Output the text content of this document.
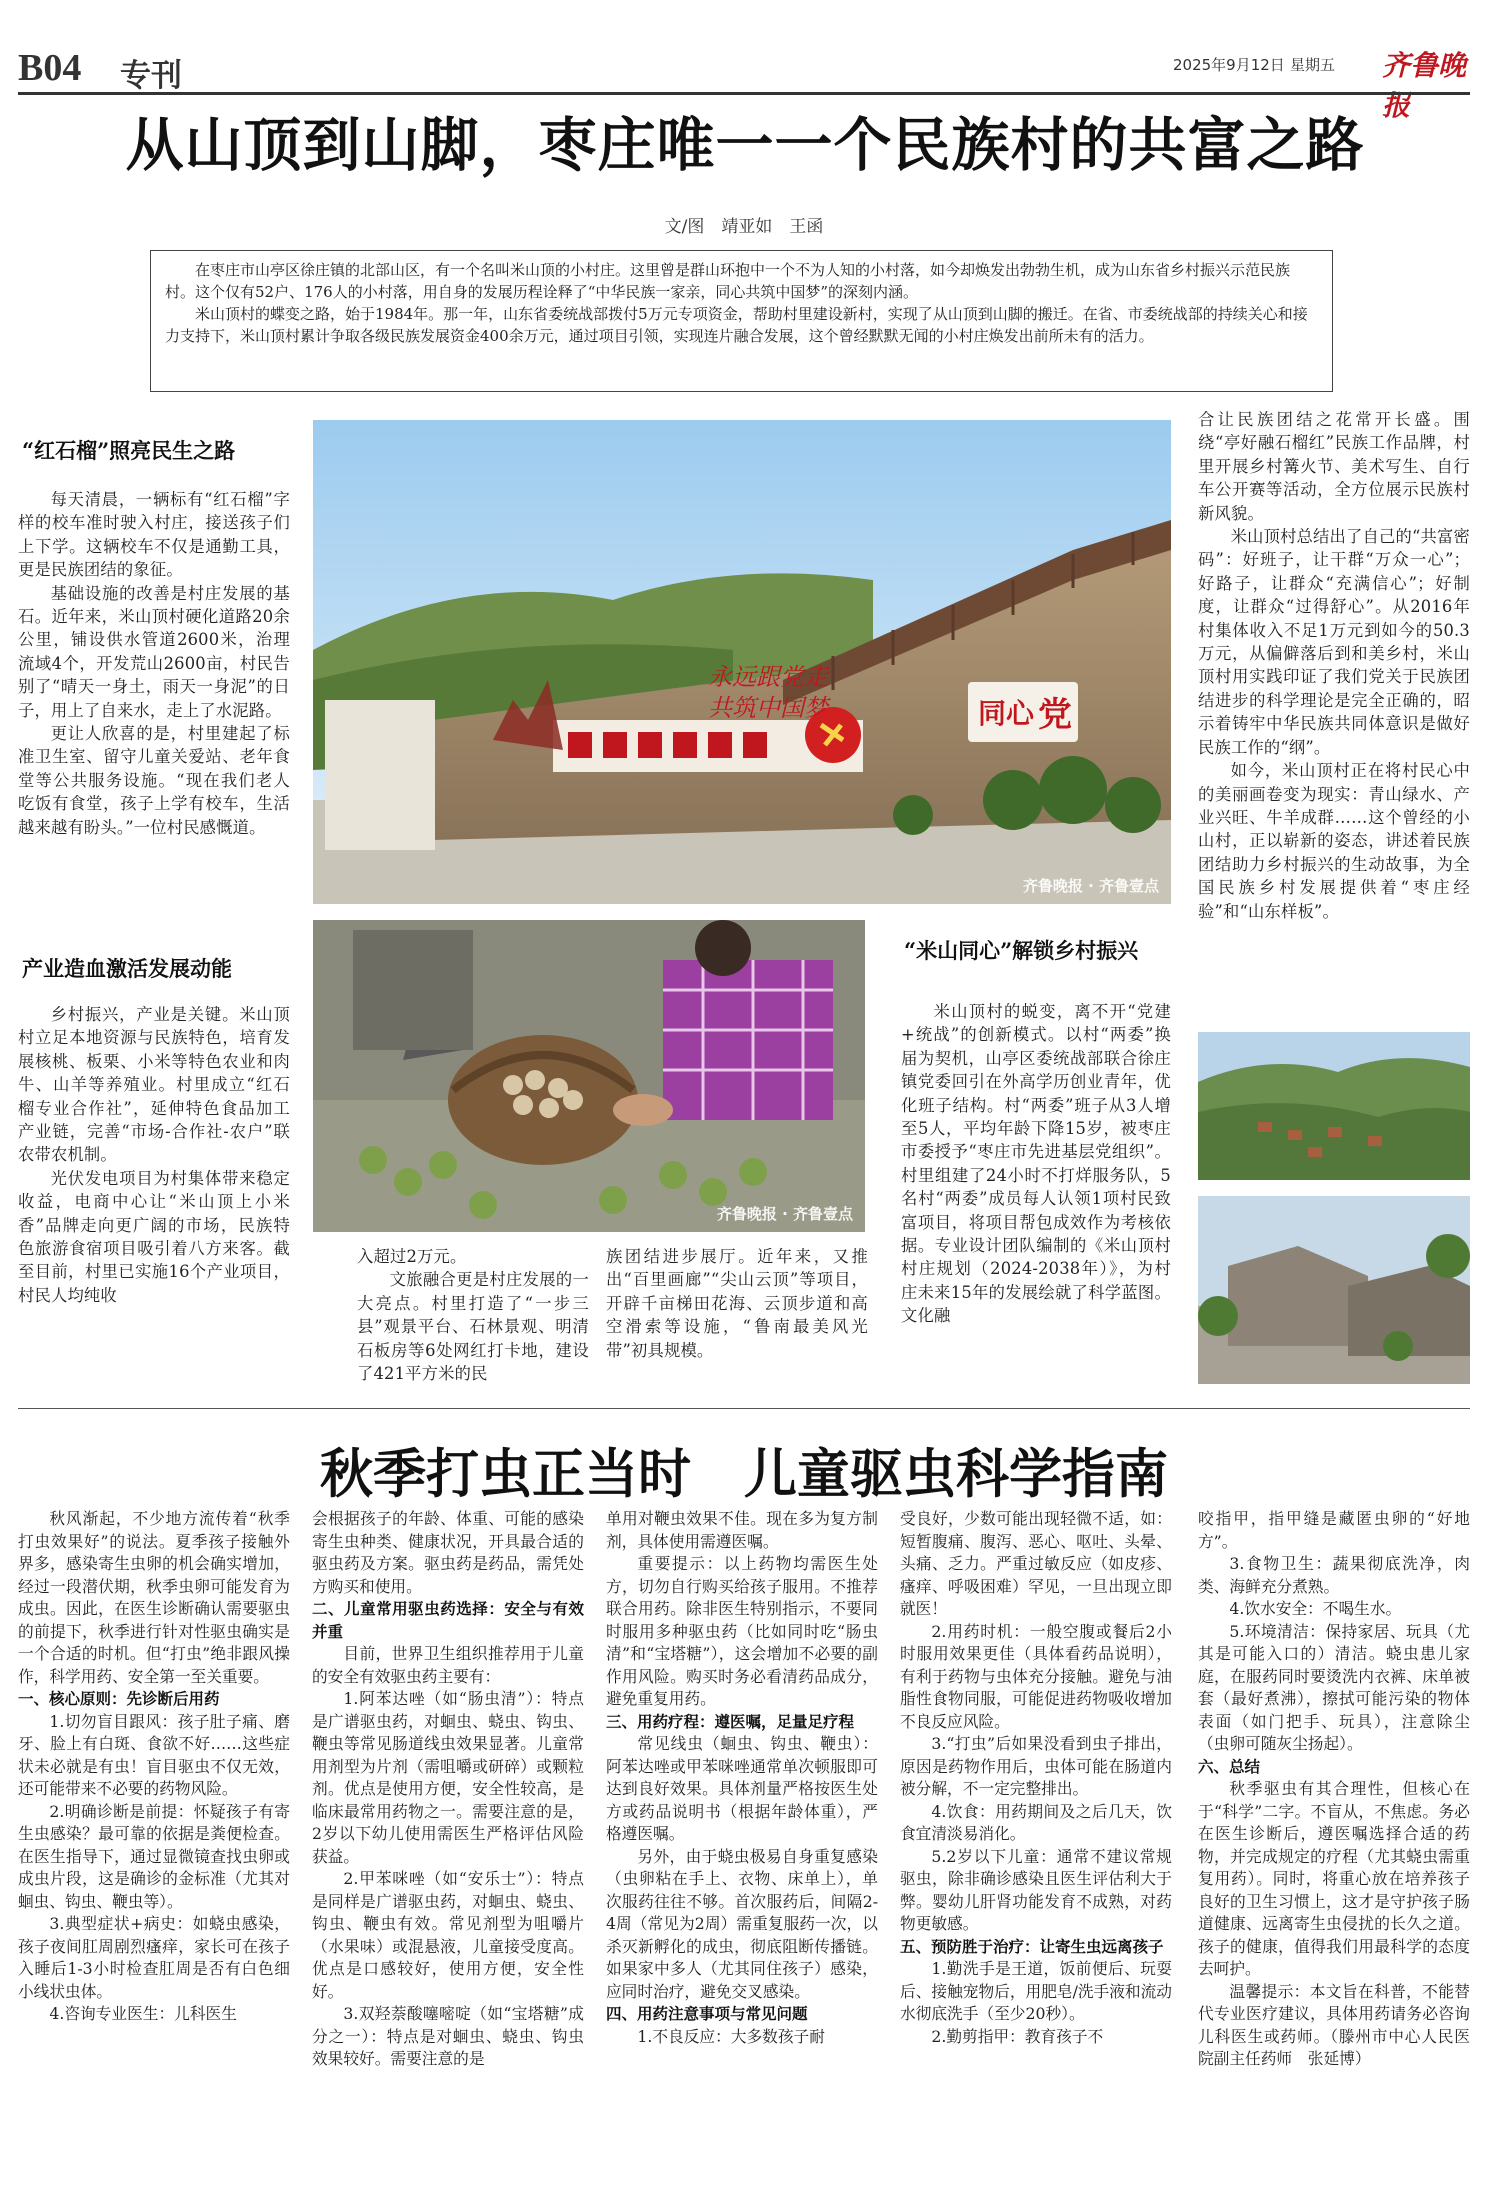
B04 专刊	2025年9月12日 星期五 齐鲁晚报
从山顶到山脚，枣庄唯一一个民族村的共富之路
文/图　靖亚如　王函

在枣庄市山亭区徐庄镇的北部山区，有一个名叫米山顶的小村庄。这里曾是群山环抱中一个不为人知的小村落，如今却焕发出勃勃生机，成为山东省乡村振兴示范民族村。这个仅有52户、176人的小村落，用自身的发展历程诠释了“中华民族一家亲，同心共筑中国梦”的深刻内涵。

米山顶村的蝶变之路，始于1984年。那一年，山东省委统战部拨付5万元专项资金，帮助村里建设新村，实现了从山顶到山脚的搬迁。在省、市委统战部的持续关心和接力支持下，米山顶村累计争取各级民族发展资金400余万元，通过项目引领，实现连片融合发展，这个曾经默默无闻的小村庄焕发出前所未有的活力。

“红石榴”照亮民生之路

每天清晨，一辆标有“红石榴”字样的校车准时驶入村庄，接送孩子们上下学。这辆校车不仅是通勤工具，更是民族团结的象征。

基础设施的改善是村庄发展的基石。近年来，米山顶村硬化道路20余公里，铺设供水管道2600米，治理流域4个，开发荒山2600亩，村民告别了“晴天一身土，雨天一身泥”的日子，用上了自来水，走上了水泥路。

更让人欣喜的是，村里建起了标准卫生室、留守儿童关爱站、老年食堂等公共服务设施。“现在我们老人吃饭有食堂，孩子上学有校车，生活越来越有盼头。”一位村民感慨道。

产业造血激活发展动能

乡村振兴，产业是关键。米山顶村立足本地资源与民族特色，培育发展核桃、板栗、小米等特色农业和肉牛、山羊等养殖业。村里成立“红石榴专业合作社”，延伸特色食品加工产业链，完善“市场-合作社-农户”联农带农机制。

光伏发电项目为村集体带来稳定收益，电商中心让“米山顶上小米香”品牌走向更广阔的市场，民族特色旅游食宿项目吸引着八方来客。截至目前，村里已实施16个产业项目，村民人均纯收

永远跟党走
共筑中国梦	同心 党
齐鲁晚报 · 齐鲁壹点
齐鲁晚报 · 齐鲁壹点

入超过2万元。

文旅融合更是村庄发展的一大亮点。村里打造了“一步三县”观景平台、石林景观、明清石板房等6处网红打卡地，建设了421平方米的民

族团结进步展厅。近年来，又推出“百里画廊”“尖山云顶”等项目，开辟千亩梯田花海、云顶步道和高空滑索等设施，“鲁南最美风光带”初具规模。

“米山同心”解锁乡村振兴

米山顶村的蜕变，离不开“党建+统战”的创新模式。以村“两委”换届为契机，山亭区委统战部联合徐庄镇党委回引在外高学历创业青年，优化班子结构。村“两委”班子从3人增至5人，平均年龄下降15岁，被枣庄市委授予“枣庄市先进基层党组织”。村里组建了24小时不打烊服务队，5名村“两委”成员每人认领1项村民致富项目，将项目帮包成效作为考核依据。专业设计团队编制的《米山顶村村庄规划（2024-2038年）》，为村庄未来15年的发展绘就了科学蓝图。文化融

合让民族团结之花常开长盛。围绕“亭好融石榴红”民族工作品牌，村里开展乡村篝火节、美术写生、自行车公开赛等活动，全方位展示民族村新风貌。

米山顶村总结出了自己的“共富密码”：好班子，让干群“万众一心”；好路子，让群众“充满信心”；好制度，让群众“过得舒心”。从2016年村集体收入不足1万元到如今的50.3万元，从偏僻落后到和美乡村，米山顶村用实践印证了我们党关于民族团结进步的科学理论是完全正确的，昭示着铸牢中华民族共同体意识是做好民族工作的“纲”。

如今，米山顶村正在将村民心中的美丽画卷变为现实：青山绿水、产业兴旺、牛羊成群……这个曾经的小山村，正以崭新的姿态，讲述着民族团结助力乡村振兴的生动故事，为全国民族乡村发展提供着“枣庄经验”和“山东样板”。

秋季打虫正当时　儿童驱虫科学指南

秋风渐起，不少地方流传着“秋季打虫效果好”的说法。夏季孩子接触外界多，感染寄生虫卵的机会确实增加，经过一段潜伏期，秋季虫卵可能发育为成虫。因此，在医生诊断确认需要驱虫的前提下，秋季进行针对性驱虫确实是一个合适的时机。但“打虫”绝非跟风操作，科学用药、安全第一至关重要。

一、核心原则：先诊断后用药

1.切勿盲目跟风：孩子肚子痛、磨牙、脸上有白斑、食欲不好……这些症状未必就是有虫！盲目驱虫不仅无效，还可能带来不必要的药物风险。

2.明确诊断是前提：怀疑孩子有寄生虫感染？最可靠的依据是粪便检查。在医生指导下，通过显微镜查找虫卵或成虫片段，这是确诊的金标准（尤其对蛔虫、钩虫、鞭虫等）。

3.典型症状+病史：如蛲虫感染，孩子夜间肛周剧烈瘙痒，家长可在孩子入睡后1-3小时检查肛周是否有白色细小线状虫体。

4.咨询专业医生：儿科医生

会根据孩子的年龄、体重、可能的感染寄生虫种类、健康状况，开具最合适的驱虫药及方案。驱虫药是药品，需凭处方购买和使用。

二、儿童常用驱虫药选择：安全与有效并重

目前，世界卫生组织推荐用于儿童的安全有效驱虫药主要有：

1.阿苯达唑（如“肠虫清”）：特点是广谱驱虫药，对蛔虫、蛲虫、钩虫、鞭虫等常见肠道线虫效果显著。儿童常用剂型为片剂（需咀嚼或研碎）或颗粒剂。优点是使用方便，安全性较高，是临床最常用药物之一。需要注意的是，2岁以下幼儿使用需医生严格评估风险获益。

2.甲苯咪唑（如“安乐士”）：特点是同样是广谱驱虫药，对蛔虫、蛲虫、钩虫、鞭虫有效。常见剂型为咀嚼片（水果味）或混悬液，儿童接受度高。优点是口感较好，使用方便，安全性好。

3.双羟萘酸噻嘧啶（如“宝塔糖”成分之一）：特点是对蛔虫、蛲虫、钩虫效果较好。需要注意的是

单用对鞭虫效果不佳。现在多为复方制剂，具体使用需遵医嘱。

重要提示：以上药物均需医生处方，切勿自行购买给孩子服用。不推荐联合用药。除非医生特别指示，不要同时服用多种驱虫药（比如同时吃“肠虫清”和“宝塔糖”），这会增加不必要的副作用风险。购买时务必看清药品成分，避免重复用药。

三、用药疗程：遵医嘱，足量足疗程

常见线虫（蛔虫、钩虫、鞭虫）：阿苯达唑或甲苯咪唑通常单次顿服即可达到良好效果。具体剂量严格按医生处方或药品说明书（根据年龄体重），严格遵医嘱。

另外，由于蛲虫极易自身重复感染（虫卵粘在手上、衣物、床单上），单次服药往往不够。首次服药后，间隔2-4周（常见为2周）需重复服药一次，以杀灭新孵化的成虫，彻底阻断传播链。如果家中多人（尤其同住孩子）感染，应同时治疗，避免交叉感染。

四、用药注意事项与常见问题

1.不良反应：大多数孩子耐

受良好，少数可能出现轻微不适，如：短暂腹痛、腹泻、恶心、呕吐、头晕、头痛、乏力。严重过敏反应（如皮疹、瘙痒、呼吸困难）罕见，一旦出现立即就医！

2.用药时机：一般空腹或餐后2小时服用效果更佳（具体看药品说明），有利于药物与虫体充分接触。避免与油脂性食物同服，可能促进药物吸收增加不良反应风险。

3.“打虫”后如果没看到虫子排出，原因是药物作用后，虫体可能在肠道内被分解，不一定完整排出。

4.饮食：用药期间及之后几天，饮食宜清淡易消化。

5.2岁以下儿童：通常不建议常规驱虫，除非确诊感染且医生评估利大于弊。婴幼儿肝肾功能发育不成熟，对药物更敏感。

五、预防胜于治疗：让寄生虫远离孩子

1.勤洗手是王道，饭前便后、玩耍后、接触宠物后，用肥皂/洗手液和流动水彻底洗手（至少20秒）。

2.勤剪指甲：教育孩子不

咬指甲，指甲缝是藏匿虫卵的“好地方”。

3.食物卫生：蔬果彻底洗净，肉类、海鲜充分煮熟。

4.饮水安全：不喝生水。

5.环境清洁：保持家居、玩具（尤其是可能入口的）清洁。蛲虫患儿家庭，在服药同时要烫洗内衣裤、床单被套（最好煮沸），擦拭可能污染的物体表面（如门把手、玩具），注意除尘（虫卵可随灰尘扬起）。

六、总结

秋季驱虫有其合理性，但核心在于“科学”二字。不盲从，不焦虑。务必在医生诊断后，遵医嘱选择合适的药物，并完成规定的疗程（尤其蛲虫需重复用药）。同时，将重心放在培养孩子良好的卫生习惯上，这才是守护孩子肠道健康、远离寄生虫侵扰的长久之道。孩子的健康，值得我们用最科学的态度去呵护。

温馨提示：本文旨在科普，不能替代专业医疗建议，具体用药请务必咨询儿科医生或药师。（滕州市中心人民医院副主任药师　张延博）
